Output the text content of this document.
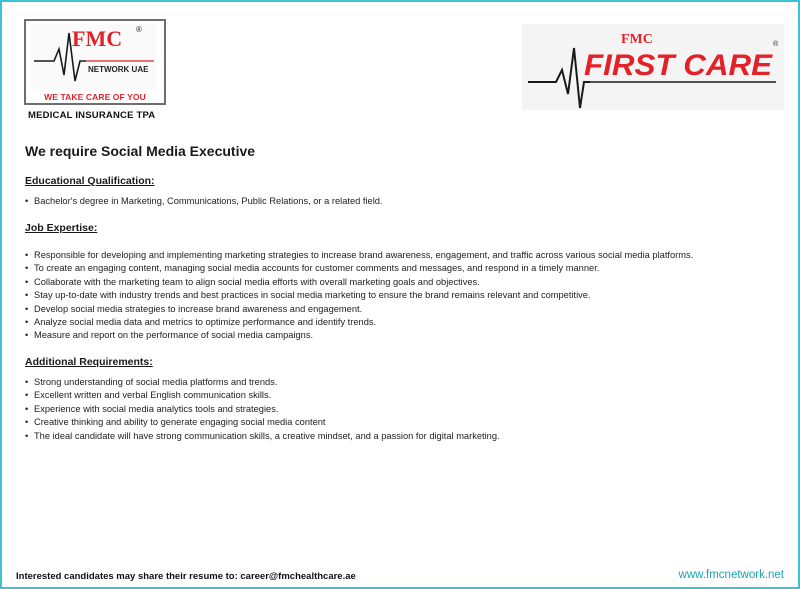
FMC ®
NETWORK UAE
WE TAKE CARE OF YOU
MEDICAL INSURANCE TPA
FMC
FIRST CARE
®
We require Social Media Executive
Educational Qualification:
• Bachelor's degree in Marketing, Communications, Public Relations, or a related field.
Job Expertise:
• Responsible for developing and implementing marketing strategies to increase brand awareness, engagement, and traffic across various social media platforms.
• To create an engaging content, managing social media accounts for customer comments and messages, and respond in a timely manner.
• Collaborate with the marketing team to align social media efforts with overall marketing goals and objectives.
• Stay up-to-date with industry trends and best practices in social media marketing to ensure the brand remains relevant and competitive.
• Develop social media strategies to increase brand awareness and engagement.
• Analyze social media data and metrics to optimize performance and identify trends.
• Measure and report on the performance of social media campaigns.
Additional Requirements:
• Strong understanding of social media platforms and trends.
• Excellent written and verbal English communication skills.
• Experience with social media analytics tools and strategies.
• Creative thinking and ability to generate engaging social media content
• The ideal candidate will have strong communication skills, a creative mindset, and a passion for digital marketing.
Interested candidates may share their resume to: career@fmchealthcare.ae	www.fmcnetwork.net
